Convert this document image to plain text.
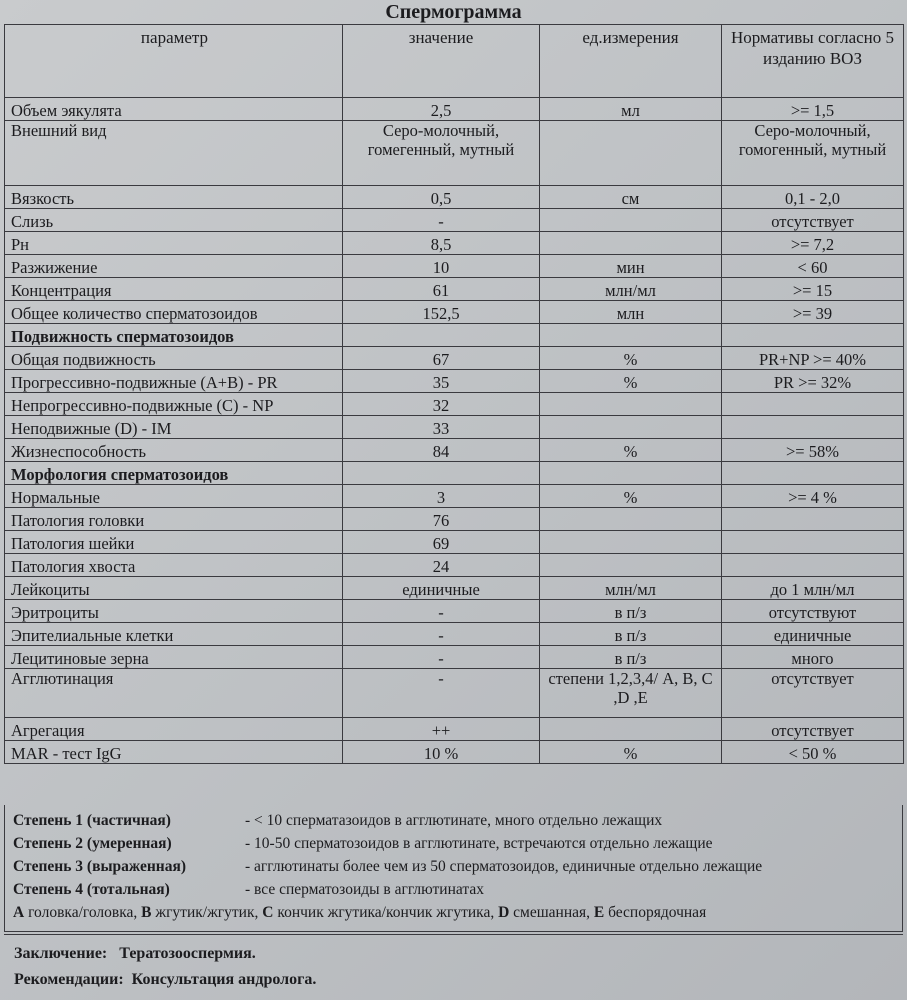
Спермограмма
параметр	значение	ед.измерения	Нормативы согласно 5 изданию ВОЗ
Объем эякулята	2,5	мл	>= 1,5
Внешний вид	Серо-молочный, гомегенный, мутный		Серо-молочный, гомогенный, мутный
Вязкость	0,5	см	0,1 - 2,0
Слизь	-		отсутствует
Рн	8,5		>= 7,2
Разжижение	10	мин	< 60
Концентрация	61	млн/мл	>= 15
Общее количество сперматозоидов	152,5	млн	>= 39
Подвижность сперматозоидов			
Общая подвижность	67	%	PR+NP >= 40%
Прогрессивно-подвижные (A+B) - PR	35	%	PR >= 32%
Непрогрессивно-подвижные (C) - NP	32		
Неподвижные (D) - IM	33		
Жизнеспособность	84	%	>= 58%
Морфология сперматозоидов			
Нормальные	3	%	>= 4 %
Патология головки	76		
Патология шейки	69		
Патология хвоста	24		
Лейкоциты	единичные	млн/мл	до 1 млн/мл
Эритроциты	-	в п/з	отсутствуют
Эпителиальные клетки	-	в п/з	единичные
Лецитиновые зерна	-	в п/з	много
Агглютинация	-	степени 1,2,3,4/ A, B, C ,D ,E	отсутствует
Агрегация	++		отсутствует
MAR - тест IgG	10 %	%	< 50 %
Степень 1 (частичная)	- < 10 сперматазоидов в агглютинате, много отдельно лежащих
Степень 2 (умеренная)	- 10-50 сперматозоидов в агглютинате, встречаются отдельно лежащие
Степень 3 (выраженная)	- агглютинаты более чем из 50 сперматозоидов, единичные отдельно лежащие
Степень 4 (тотальная)	- все сперматозоиды в агглютинатах
A головка/головка, B жгутик/жгутик, C кончик жгутика/кончик жгутика, D смешанная, E беспорядочная
Заключение: Тератозооспермия.
Рекомендации: Консультация андролога.
